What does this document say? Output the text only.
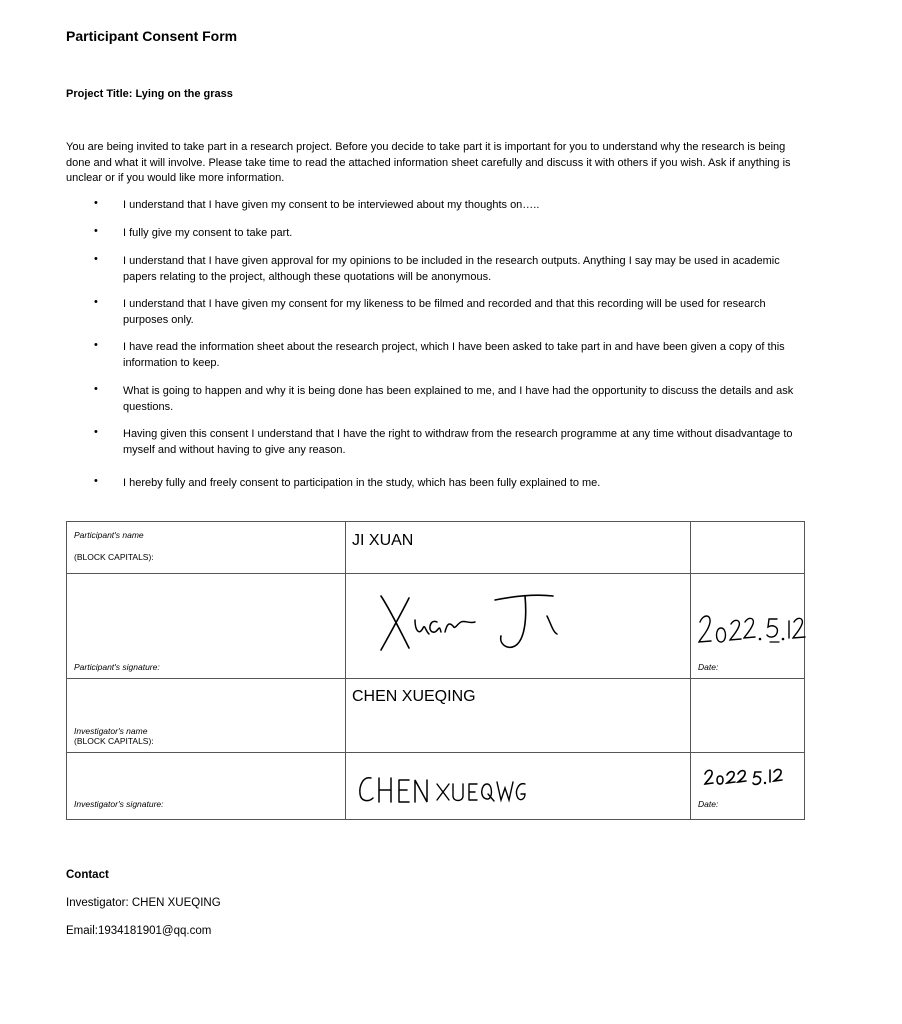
Participant Consent Form
Project Title: Lying on the grass

You are being invited to take part in a research project. Before you decide to take part it is important for you to understand why the research is being done and what it will involve. Please take time to read the attached information sheet carefully and discuss it with others if you wish. Ask if anything is unclear or if you would like more information.

• I understand that I have given my consent to be interviewed about my thoughts on…..
• I fully give my consent to take part.
• I understand that I have given approval for my opinions to be included in the research outputs. Anything I say may be used in academic papers relating to the project, although these quotations will be anonymous.
• I understand that I have given my consent for my likeness to be filmed and recorded and that this recording will be used for research purposes only.
• I have read the information sheet about the research project, which I have been asked to take part in and have been given a copy of this information to keep.
• What is going to happen and why it is being done has been explained to me, and I have had the opportunity to discuss the details and ask questions.
• Having given this consent I understand that I have the right to withdraw from the research programme at any time without disadvantage to myself and without having to give any reason.
• I hereby fully and freely consent to participation in the study, which has been fully explained to me.
Participant's name
(BLOCK CAPITALS):
JI XUAN
Participant's signature:	Date:
CHEN XUEQING
Investigator's name
(BLOCK CAPITALS):
Investigator's signature:	Date:
Contact
Investigator: CHEN XUEQING
Email:1934181901@qq.com
